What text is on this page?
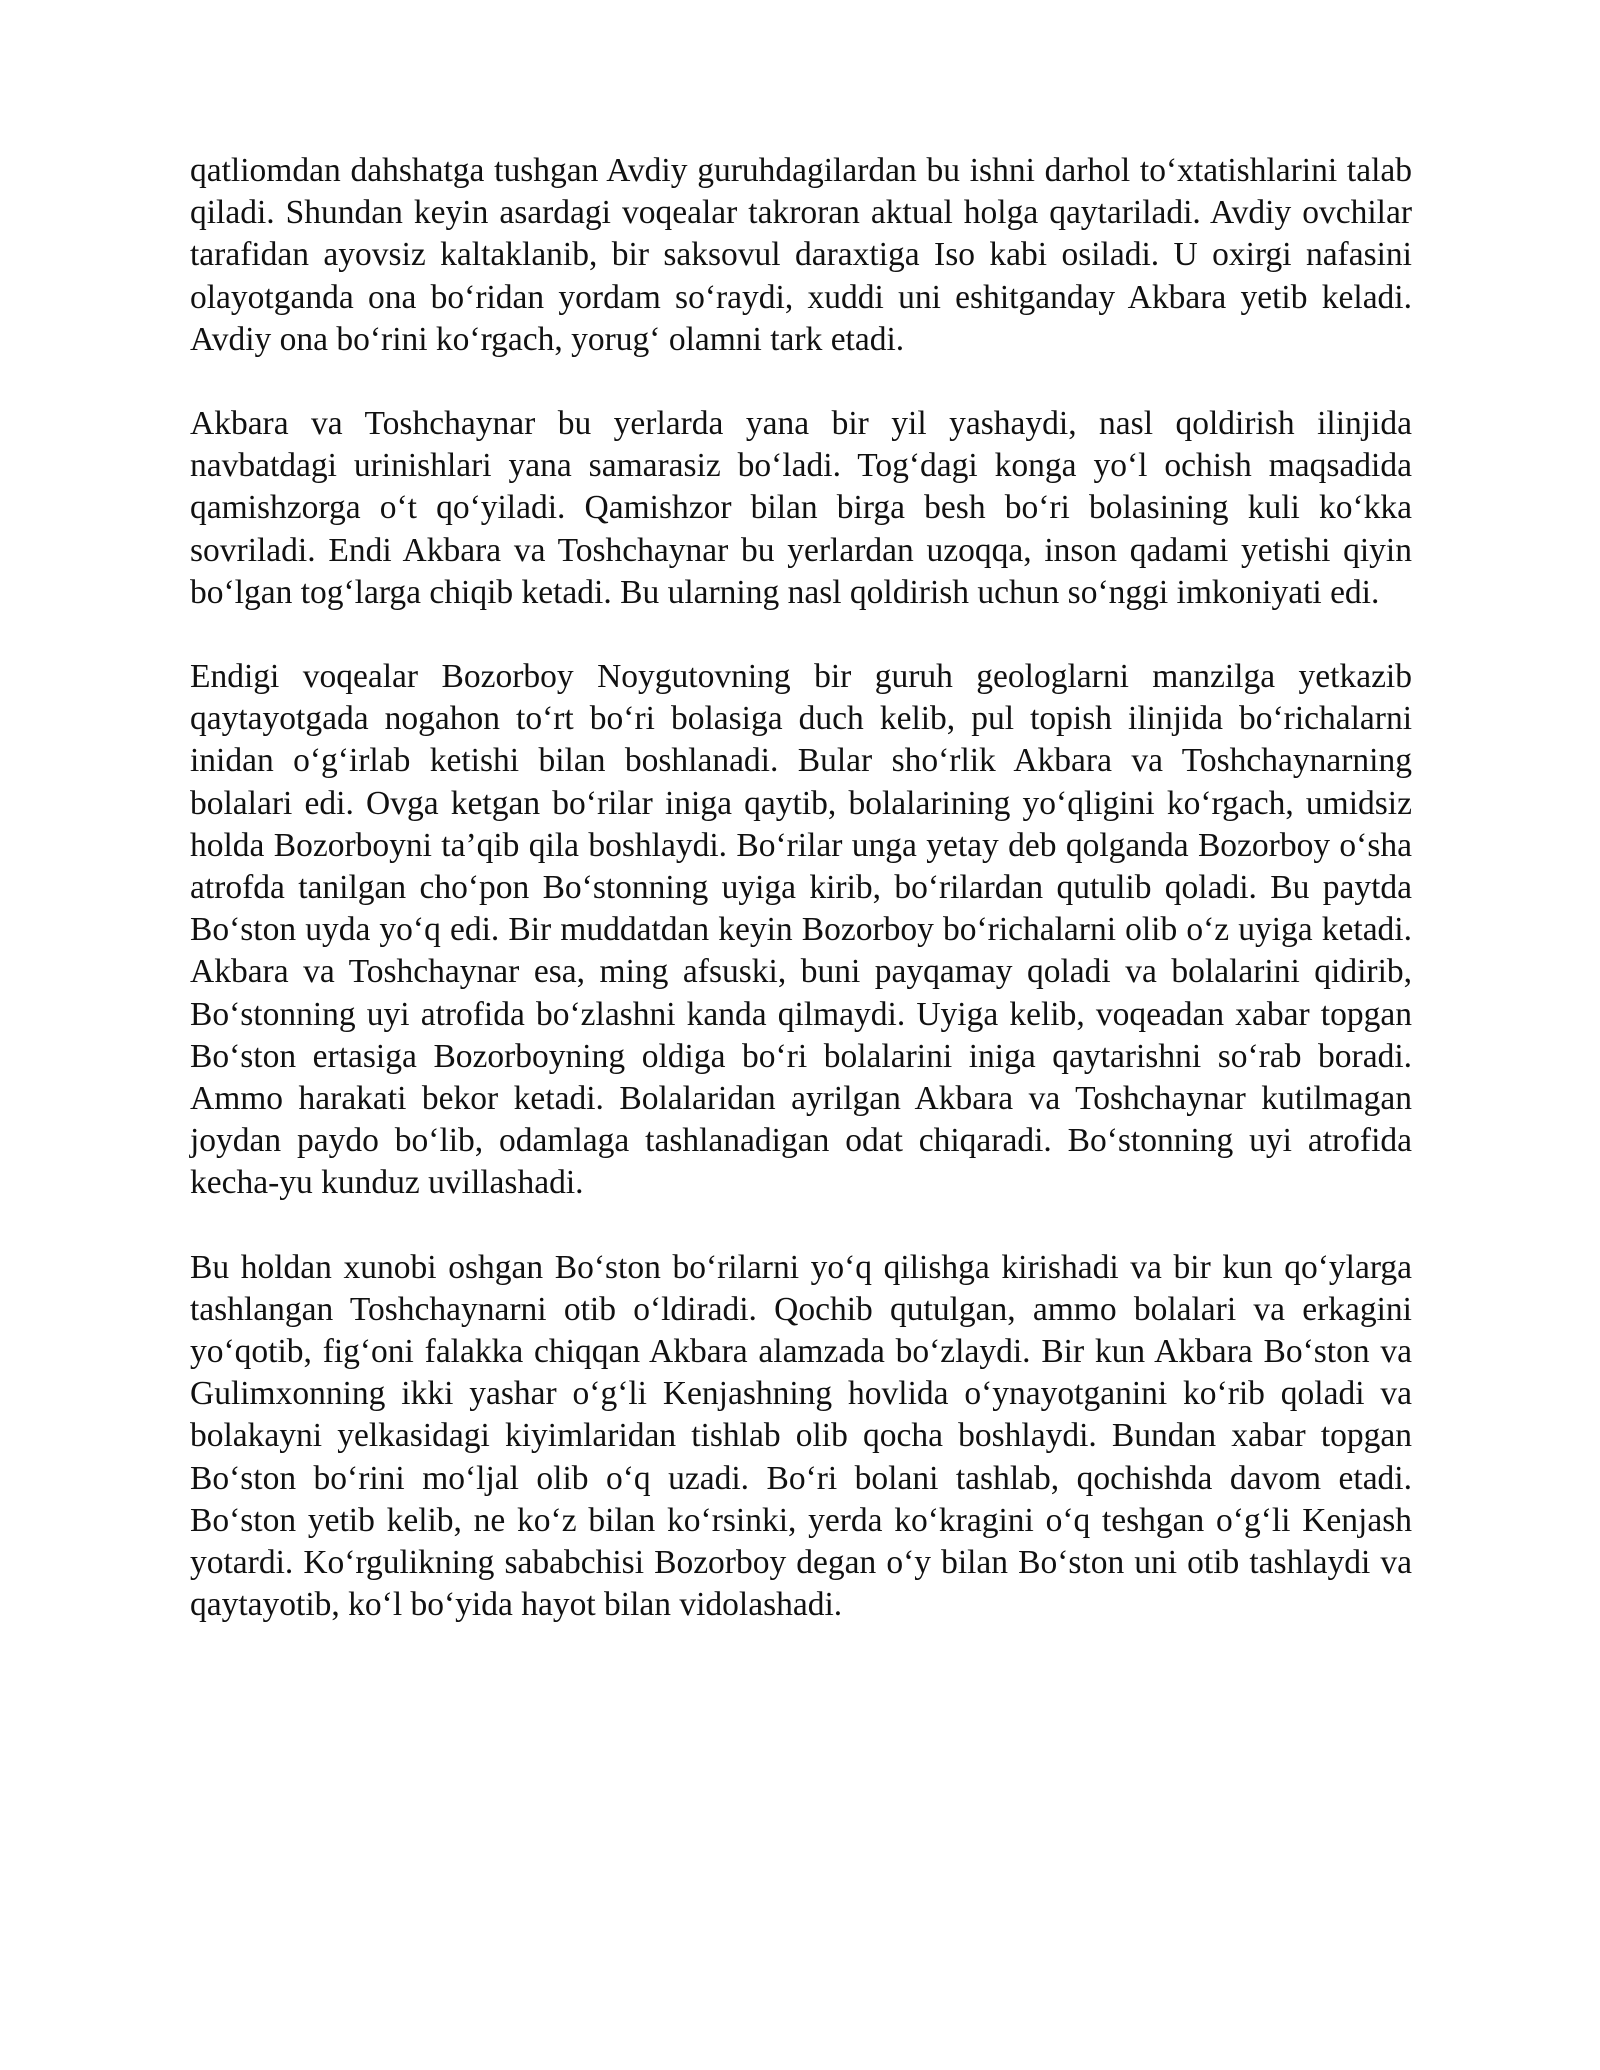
qatliomdan dahshatga tushgan Avdiy guruhdagilardan bu ishni darhol to‘xtatishlarini talab qiladi. Shundan keyin asardagi voqealar takroran aktual holga qaytariladi. Avdiy ovchilar tarafidan ayovsiz kaltaklanib, bir saksovul daraxtiga Iso kabi osiladi. U oxirgi nafasini olayotganda ona bo‘ridan yordam so‘raydi, xuddi uni eshitganday Akbara yetib keladi. Avdiy ona bo‘rini ko‘rgach, yorug‘ olamni tark etadi.

Akbara va Toshchaynar bu yerlarda yana bir yil yashaydi, nasl qoldirish ilinjida navbatdagi urinishlari yana samarasiz bo‘ladi. Tog‘dagi konga yo‘l ochish maqsadida qamishzorga o‘t qo‘yiladi. Qamishzor bilan birga besh bo‘ri bolasining kuli ko‘kka sovriladi. Endi Akbara va Toshchaynar bu yerlardan uzoqqa, inson qadami yetishi qiyin bo‘lgan tog‘larga chiqib ketadi. Bu ularning nasl qoldirish uchun so‘nggi imkoniyati edi.

Endigi voqealar Bozorboy Noygutovning bir guruh geologlarni manzilga yetkazib qaytayotgada nogahon to‘rt bo‘ri bolasiga duch kelib, pul topish ilinjida bo‘richalarni inidan o‘g‘irlab ketishi bilan boshlanadi. Bular sho‘rlik Akbara va Toshchaynarning bolalari edi. Ovga ketgan bo‘rilar iniga qaytib, bolalarining yo‘qligini ko‘rgach, umidsiz holda Bozorboyni ta’qib qila boshlaydi. Bo‘rilar unga yetay deb qolganda Bozorboy o‘sha atrofda tanilgan cho‘pon Bo‘stonning uyiga kirib, bo‘rilardan qutulib qoladi. Bu paytda Bo‘ston uyda yo‘q edi. Bir muddatdan keyin Bozorboy bo‘richalarni olib o‘z uyiga ketadi. Akbara va Toshchaynar esa, ming afsuski, buni payqamay qoladi va bolalarini qidirib, Bo‘stonning uyi atrofida bo‘zlashni kanda qilmaydi. Uyiga kelib, voqeadan xabar topgan Bo‘ston ertasiga Bozorboyning oldiga bo‘ri bolalarini iniga qaytarishni so‘rab boradi. Ammo harakati bekor ketadi. Bolalaridan ayrilgan Akbara va Toshchaynar kutilmagan joydan paydo bo‘lib, odamlaga tashlanadigan odat chiqaradi. Bo‘stonning uyi atrofida kecha-yu kunduz uvillashadi.

Bu holdan xunobi oshgan Bo‘ston bo‘rilarni yo‘q qilishga kirishadi va bir kun qo‘ylarga tashlangan Toshchaynarni otib o‘ldiradi. Qochib qutulgan, ammo bolalari va erkagini yo‘qotib, fig‘oni falakka chiqqan Akbara alamzada bo‘zlaydi. Bir kun Akbara Bo‘ston va Gulimxonning ikki yashar o‘g‘li Kenjashning hovlida o‘ynayotganini ko‘rib qoladi va bolakayni yelkasidagi kiyimlaridan tishlab olib qocha boshlaydi. Bundan xabar topgan Bo‘ston bo‘rini mo‘ljal olib o‘q uzadi. Bo‘ri bolani tashlab, qochishda davom etadi. Bo‘ston yetib kelib, ne ko‘z bilan ko‘rsinki, yerda ko‘kragini o‘q teshgan o‘g‘li Kenjash yotardi. Ko‘rgulikning sababchisi Bozorboy degan o‘y bilan Bo‘ston uni otib tashlaydi va qaytayotib, ko‘l bo‘yida hayot bilan vidolashadi.
